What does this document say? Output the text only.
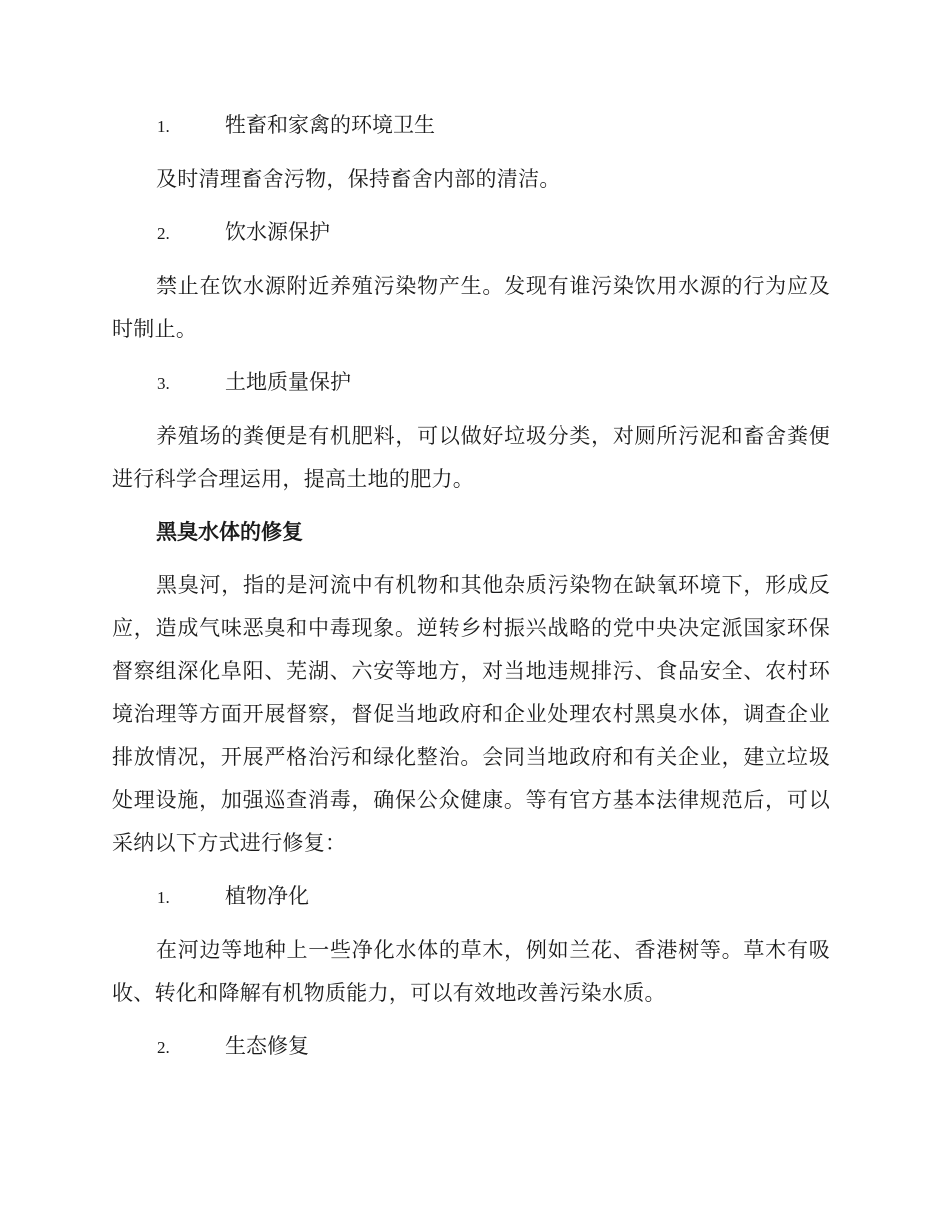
1.	牲畜和家禽的环境卫生

及时清理畜舍污物，保持畜舍内部的清洁。

2.	饮水源保护

禁止在饮水源附近养殖污染物产生。发现有谁污染饮用水源的行为应及时制止。

3.	土地质量保护

养殖场的粪便是有机肥料，可以做好垃圾分类，对厕所污泥和畜舍粪便进行科学合理运用，提高土地的肥力。

黑臭水体的修复

黑臭河，指的是河流中有机物和其他杂质污染物在缺氧环境下，形成反应，造成气味恶臭和中毒现象。逆转乡村振兴战略的党中央决定派国家环保督察组深化阜阳、芜湖、六安等地方，对当地违规排污、食品安全、农村环境治理等方面开展督察，督促当地政府和企业处理农村黑臭水体，调查企业排放情况，开展严格治污和绿化整治。会同当地政府和有关企业，建立垃圾处理设施，加强巡查消毒，确保公众健康。等有官方基本法律规范后，可以采纳以下方式进行修复：

1.	植物净化

在河边等地种上一些净化水体的草木，例如兰花、香港树等。草木有吸收、转化和降解有机物质能力，可以有效地改善污染水质。

2.	生态修复
